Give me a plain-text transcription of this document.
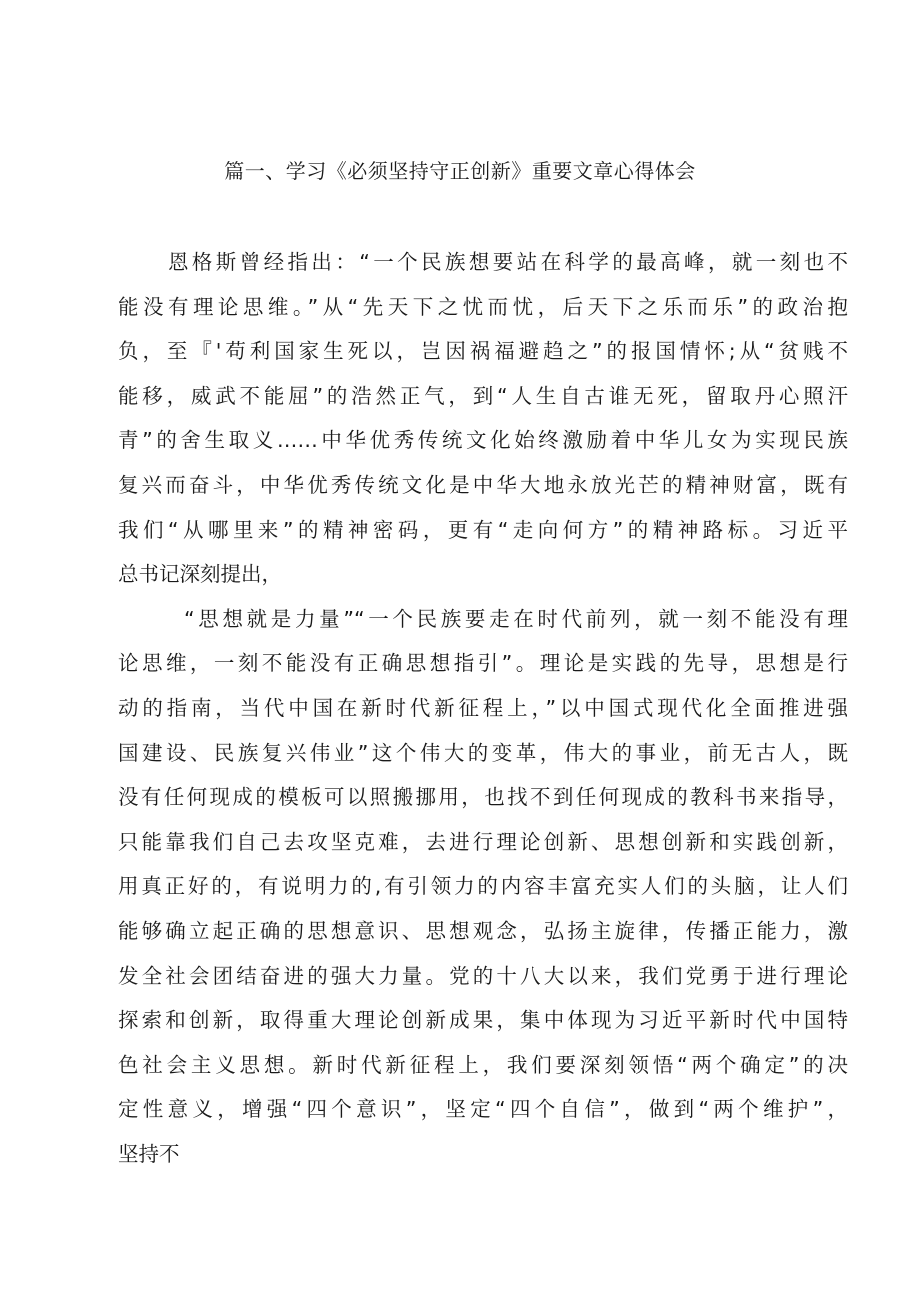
篇一、学习《必须坚持守正创新》重要文章心得体会
恩格斯曾经指出：“一个民族想要站在科学的最高峰，就一刻也不
能没有理论思维。”从“先天下之忧而忧，后天下之乐而乐”的政治抱
负，至『'苟利国家生死以，岂因祸福避趋之”的报国情怀;从“贫贱不
能移，威武不能屈”的浩然正气，到“人生自古谁无死，留取丹心照汗
青”的舍生取义……中华优秀传统文化始终激励着中华儿女为实现民族
复兴而奋斗，中华优秀传统文化是中华大地永放光芒的精神财富，既有
我们“从哪里来”的精神密码，更有“走向何方”的精神路标。习近平
总书记深刻提出，
“思想就是力量”“一个民族要走在时代前列，就一刻不能没有理
论思维，一刻不能没有正确思想指引”。理论是实践的先导，思想是行
动的指南，当代中国在新时代新征程上，”以中国式现代化全面推进强
国建设、民族复兴伟业”这个伟大的变革，伟大的事业，前无古人，既
没有任何现成的模板可以照搬挪用，也找不到任何现成的教科书来指导，
只能靠我们自己去攻坚克难，去进行理论创新、思想创新和实践创新，
用真正好的，有说明力的,有引领力的内容丰富充实人们的头脑，让人们
能够确立起正确的思想意识、思想观念，弘扬主旋律，传播正能力，激
发全社会团结奋进的强大力量。党的十八大以来，我们党勇于进行理论
探索和创新，取得重大理论创新成果，集中体现为习近平新时代中国特
色社会主义思想。新时代新征程上，我们要深刻领悟“两个确定”的决
定性意义，增强“四个意识”，坚定“四个自信”，做到“两个维护”，
坚持不
